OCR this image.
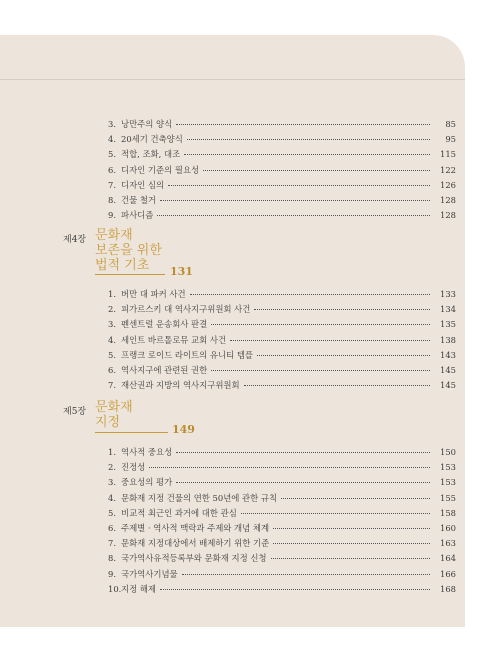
3. 낭만주의 양식	85
4. 20세기 건축양식	95
5. 적합, 조화, 대조	115
6. 디자인 기준의 필요성	122
7. 디자인 심의	126
8. 건물 철거	128
9. 파사디즘	128
제4장 문화재
보존을 위한
법적 기초 131
1. 버만 대 파커 사건	133
2. 피가르스키 대 역사지구위원회 사건	134
3. 펜센트럴 운송회사 판결	135
4. 세인트 바르톨로뮤 교회 사건	138
5. 프랭크 로이드 라이트의 유니티 템플	143
6. 역사지구에 관련된 권한	145
7. 재산권과 지방의 역사지구위원회	145
제5장 문화재
지정	149
1. 역사적 중요성	150
2. 진정성	153
3. 중요성의 평가	153
4. 문화재 지정 건물의 연한 50년에 관한 규칙	155
5. 비교적 최근인 과거에 대한 관심	158
6. 주제별 · 역사적 맥락과 주제와 개념 체계	160
7. 문화재 지정대상에서 배제하기 위한 기준	163
8. 국가역사유적등록부와 문화재 지정 신청	164
9. 국가역사기념물	166
10. 지정 해제	168
